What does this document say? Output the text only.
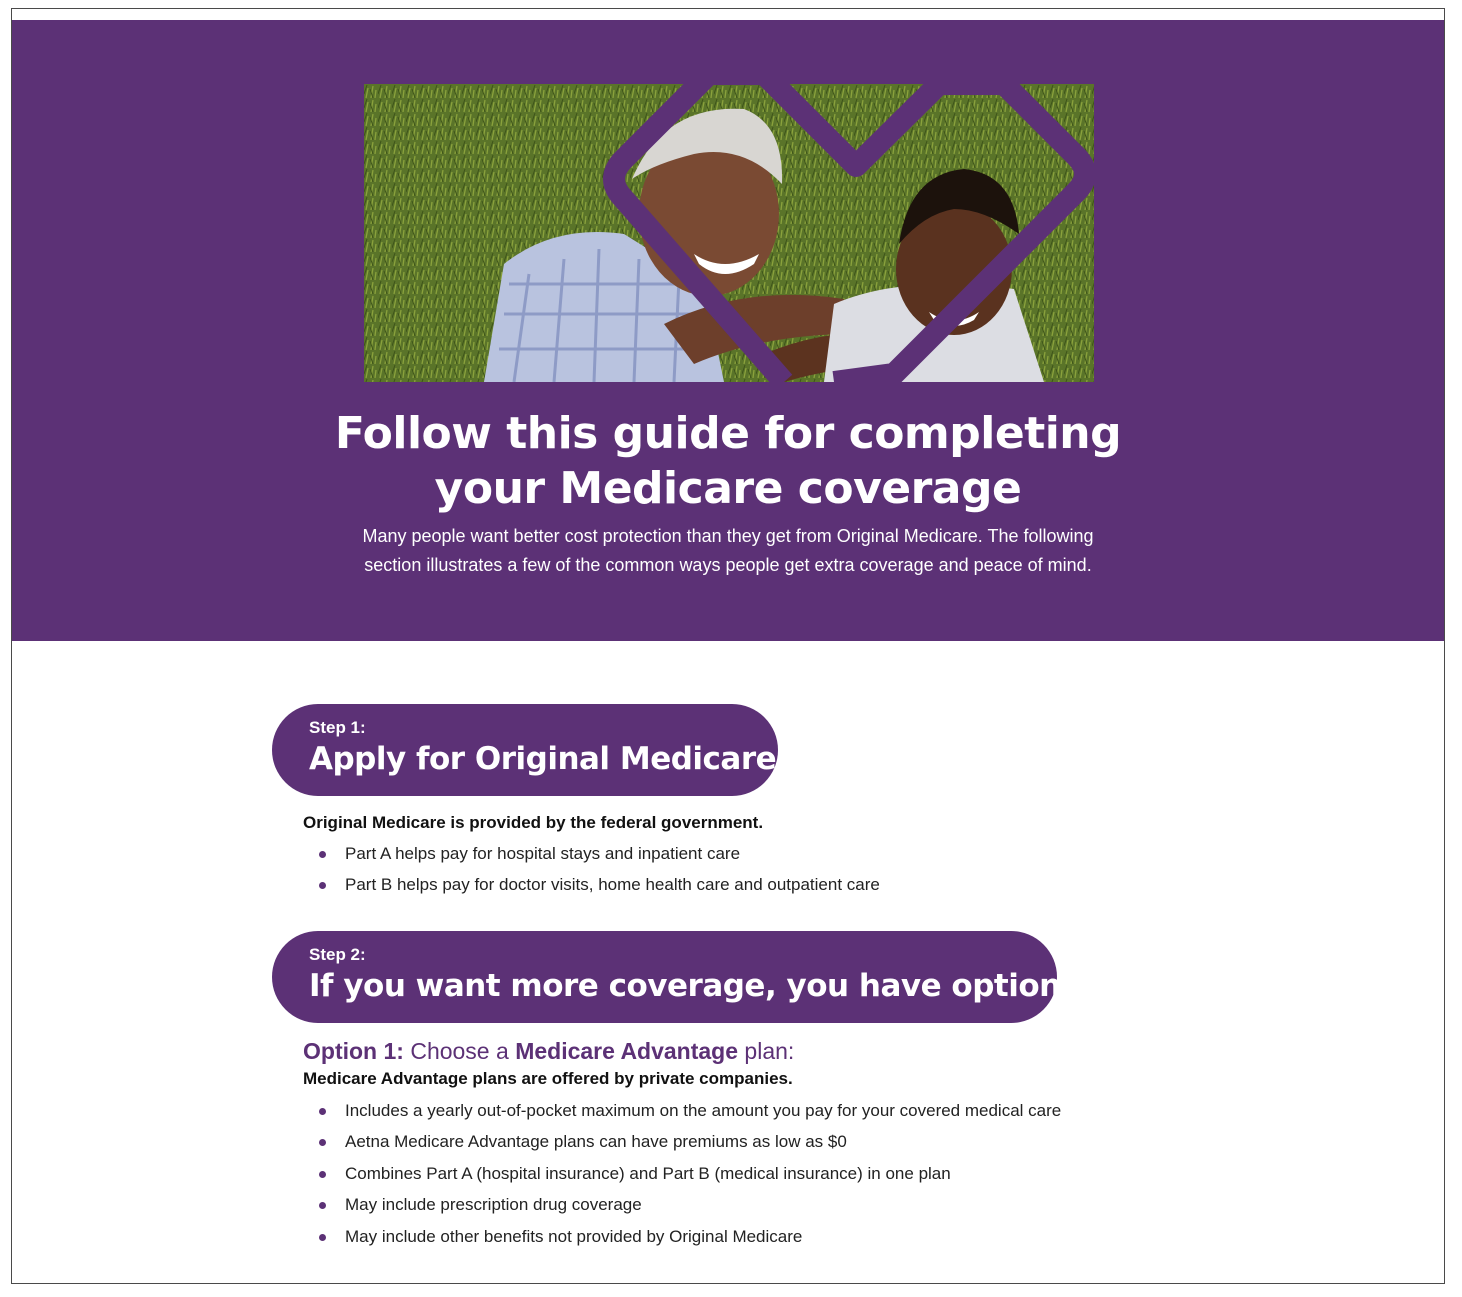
Follow this guide for completing
your Medicare coverage

Many people want better cost protection than they get from Original Medicare. The following section illustrates a few of the common ways people get extra coverage and peace of mind.

Step 1:
Apply for Original Medicare

Original Medicare is provided by the federal government.

Part A helps pay for hospital stays and inpatient care
Part B helps pay for doctor visits, home health care and outpatient care
Step 2:
If you want more coverage, you have options

Option 1: Choose a Medicare Advantage plan:

Medicare Advantage plans are offered by private companies.

Includes a yearly out-of-pocket maximum on the amount you pay for your covered medical care
Aetna Medicare Advantage plans can have premiums as low as $0
Combines Part A (hospital insurance) and Part B (medical insurance) in one plan
May include prescription drug coverage
May include other benefits not provided by Original Medicare
